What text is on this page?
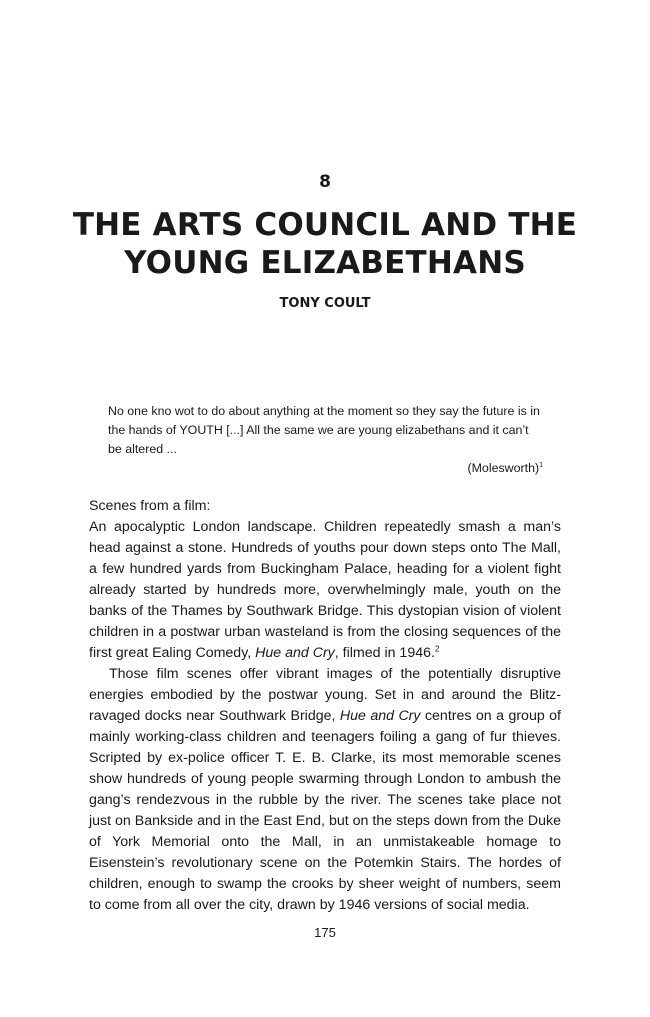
8
THE ARTS COUNCIL AND THE
YOUNG ELIZABETHANS
TONY COULT
No one kno wot to do about anything at the moment so they say the future is in the hands of YOUTH [...] All the same we are young elizabethans and it can’t be altered ...
(Molesworth)$^1$

Scenes from a film:

An apocalyptic London landscape. Children repeatedly smash a man’s head against a stone. Hundreds of youths pour down steps onto The Mall, a few hundred yards from Buckingham Palace, heading for a violent fight already started by hundreds more, overwhelmingly male, youth on the banks of the Thames by Southwark Bridge. This dystopian vision of violent children in a postwar urban wasteland is from the closing sequences of the first great Ealing Comedy, Hue and Cry, filmed in 1946.$^2$

Those film scenes offer vibrant images of the potentially disruptive energies embodied by the postwar young. Set in and around the Blitz-ravaged docks near Southwark Bridge, Hue and Cry centres on a group of mainly working-class children and teenagers foiling a gang of fur thieves. Scripted by ex-police officer T. E. B. Clarke, its most memorable scenes show hundreds of young people swarming through London to ambush the gang’s rendezvous in the rubble by the river. The scenes take place not just on Bankside and in the East End, but on the steps down from the Duke of York Memorial onto the Mall, in an unmistakeable homage to Eisenstein’s revolutionary scene on the Potemkin Stairs. The hordes of children, enough to swamp the crooks by sheer weight of numbers, seem to come from all over the city, drawn by 1946 versions of social media.

175
